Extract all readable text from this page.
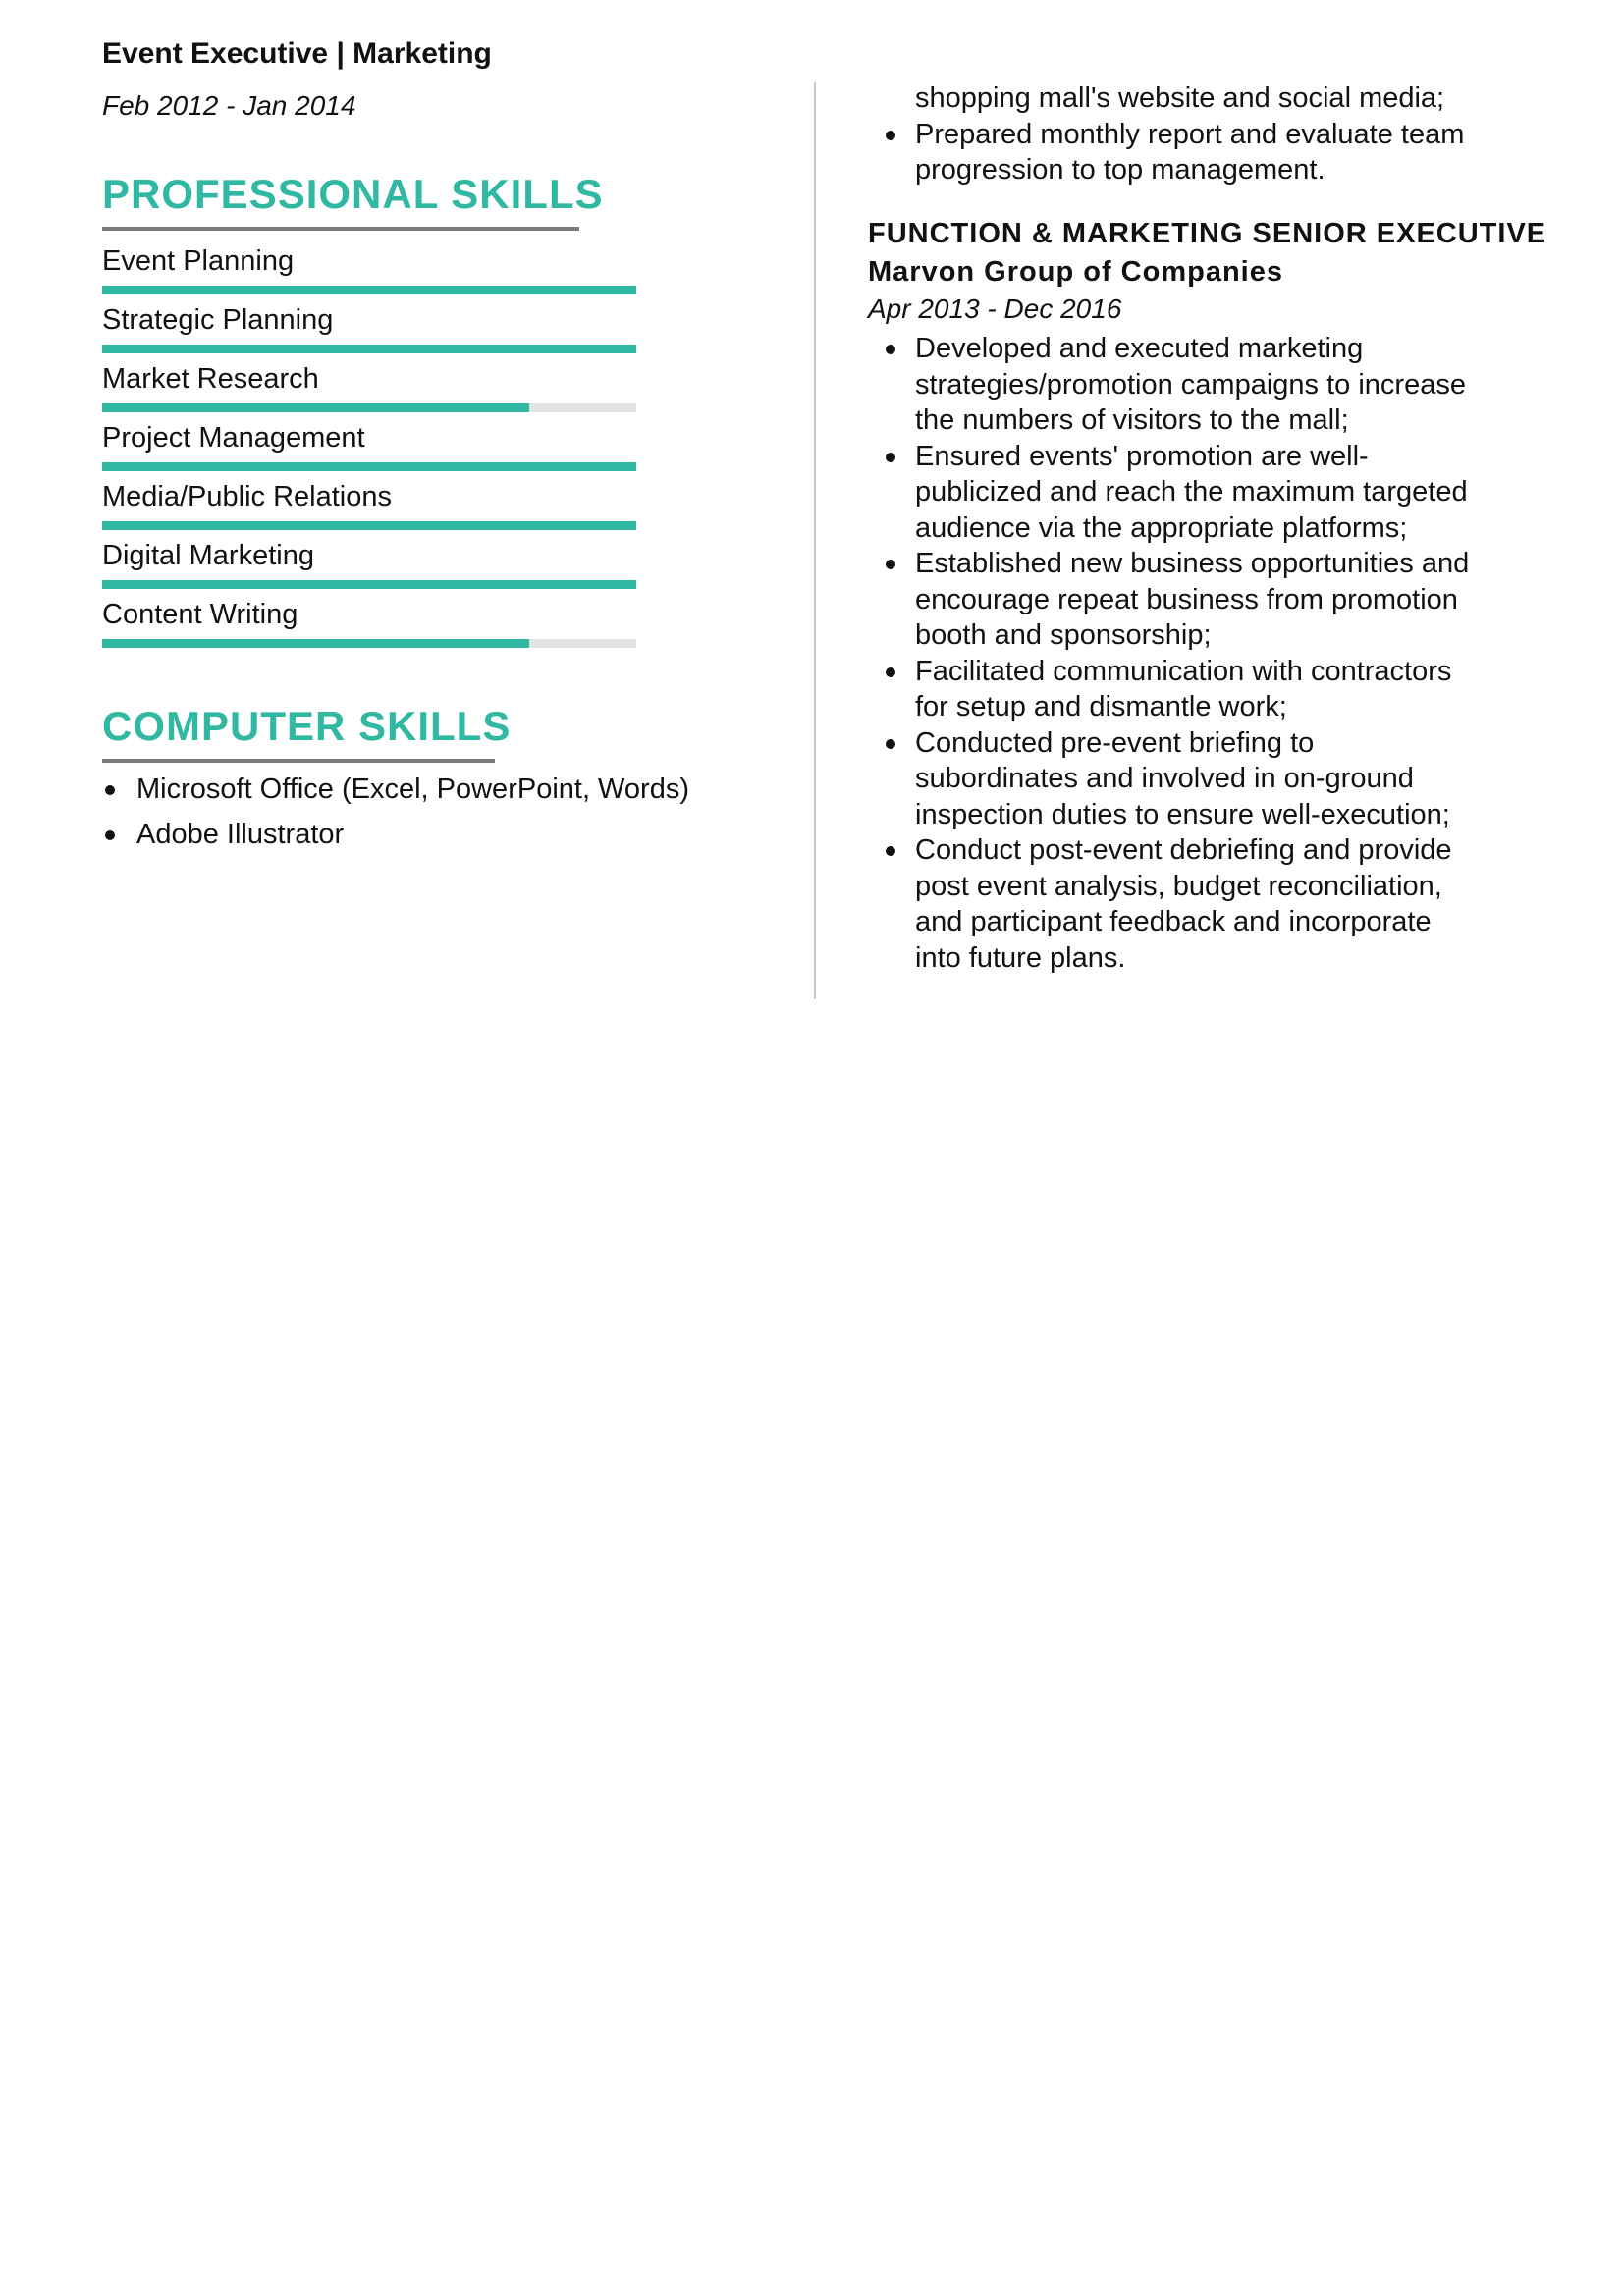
Event Executive | Marketing
Feb 2012 - Jan 2014
PROFESSIONAL SKILLS
Event Planning
Strategic Planning
Market Research
Project Management
Media/Public Relations
Digital Marketing
Content Writing
COMPUTER SKILLS
Microsoft Office (Excel, PowerPoint, Words)
Adobe Illustrator
shopping mall's website and social media;
Prepared monthly report and evaluate team progression to top management.
FUNCTION & MARKETING SENIOR EXECUTIVE
Marvon Group of Companies
Apr 2013 - Dec 2016
Developed and executed marketing strategies/promotion campaigns to increase the numbers of visitors to the mall;
Ensured events' promotion are well-publicized and reach the maximum targeted audience via the appropriate platforms;
Established new business opportunities and encourage repeat business from promotion booth and sponsorship;
Facilitated communication with contractors for setup and dismantle work;
Conducted pre-event briefing to subordinates and involved in on-ground inspection duties to ensure well-execution;
Conduct post-event debriefing and provide post event analysis, budget reconciliation, and participant feedback and incorporate into future plans.
